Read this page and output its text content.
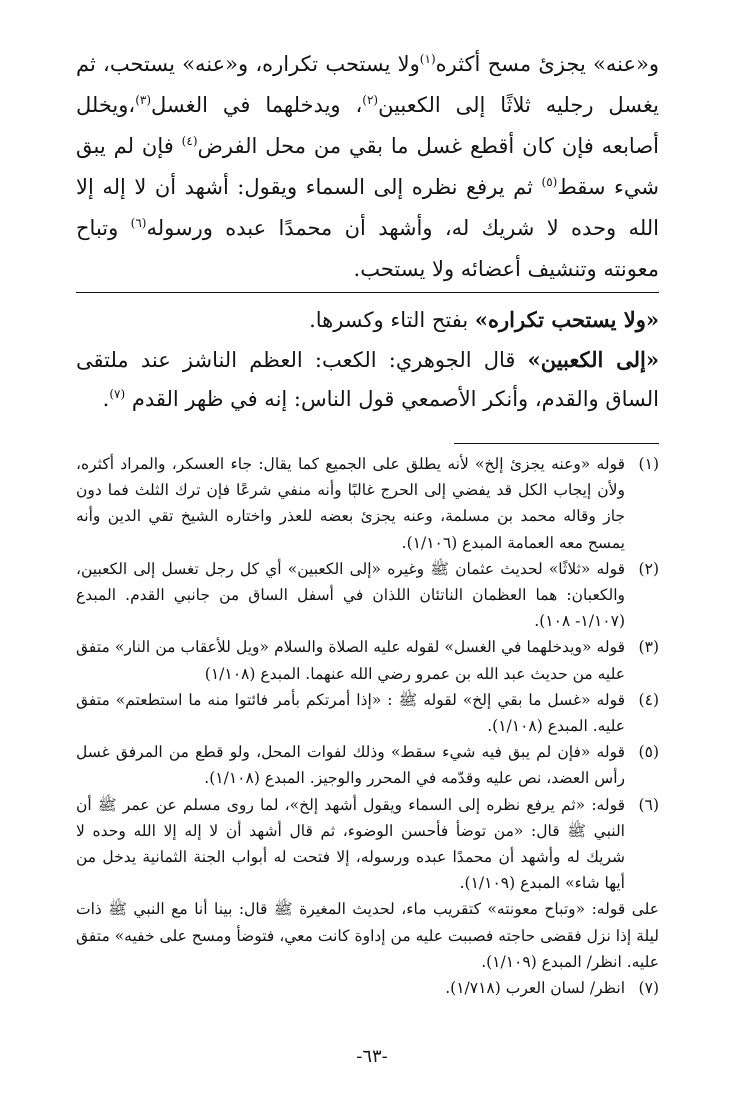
و«عنه» يجزئ مسح أكثره$^{(١)}$ولا يستحب تكراره، و«عنه» يستحب، ثم يغسل رجليه ثلاثًا إلى الكعبين$^{(٢)}$، ويدخلهما في الغسل$^{(٣)}$،ويخلل أصابعه فإن كان أقطع غسل ما بقي من محل الفرض$^{(٤)}$ فإن لم يبق شيء سقط$^{(٥)}$ ثم يرفع نظره إلى السماء ويقول: أشهد أن لا إله إلا الله وحده لا شريك له، وأشهد أن محمدًا عبده ورسوله$^{(٦)}$ وتباح معونته وتنشيف أعضائه ولا يستحب.

«ولا يستحب تكراره» بفتح التاء وكسرها.

«إلى الكعبين» قال الجوهري: الكعب: العظم الناشز عند ملتقى الساق والقدم، وأنكر الأصمعي قول الناس: إنه في ظهر القدم $^{(٧)}$.

(١)
قوله «وعنه يجزئ إلخ» لأنه يطلق على الجميع كما يقال: جاء العسكر، والمراد أكثره، ولأن إيجاب الكل قد يفضي إلى الحرج غالبًا وأنه منفي شرعًا فإن ترك الثلث فما دون جاز وقاله محمد بن مسلمة، وعنه يجزئ بعضه للعذر واختاره الشيخ تقي الدين وأنه يمسح معه العمامة المبدع (١/١٠٦).

(٢)
قوله «ثلاثًا» لحديث عثمان ﷺ وغيره «إلى الكعبين» أي كل رجل تغسل إلى الكعبين، والكعبان: هما العظمان الناتئان اللذان في أسفل الساق من جانبي القدم. المبدع (١/١٠٧- ١٠٨).

(٣)
قوله «ويدخلهما في الغسل» لقوله عليه الصلاة والسلام «ويل للأعقاب من النار» متفق عليه من حديث عبد الله بن عمرو رضي الله عنهما. المبدع (١/١٠٨)

(٤)
قوله «غسل ما بقي إلخ» لقوله ﷺ : «إذا أمرتكم بأمر فائتوا منه ما استطعتم» متفق عليه. المبدع (١/١٠٨).

(٥)
قوله «فإن لم يبق فيه شيء سقط» وذلك لفوات المحل، ولو قطع من المرفق غسل رأس العضد، نص عليه وقدّمه في المحرر والوجيز. المبدع (١/١٠٨).

(٦)
قوله: «ثم يرفع نظره إلى السماء ويقول أشهد إلخ»، لما روى مسلم عن عمر ﷺ أن النبي ﷺ قال: «من توضأ فأحسن الوضوء، ثم قال أشهد أن لا إله إلا الله وحده لا شريك له وأشهد أن محمدًا عبده ورسوله، إلا فتحت له أبواب الجنة الثمانية يدخل من أيها شاء» المبدع (١/١٠٩).

على قوله: «وتباح معونته» كتقريب ماء، لحديث المغيرة ﷺ قال: بينا أنا مع النبي ﷺ ذات ليلة إذا نزل فقضى حاجته فصببت عليه من إداوة كانت معي، فتوضأ ومسح على خفيه» متفق عليه. انظر/ المبدع (١/١٠٩).

(٧)
انظر/ لسان العرب (١/٧١٨).

-٦٣-
